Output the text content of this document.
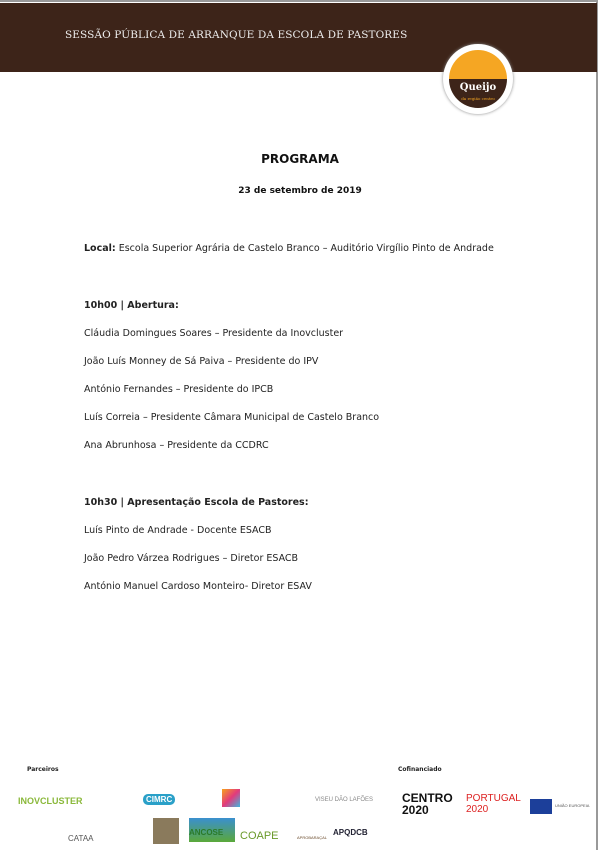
SESSÃO PÚBLICA DE ARRANQUE DA ESCOLA DE PASTORES
Queijo
da região centro
PROGRAMA
23 de setembro de 2019
Local: Escola Superior Agrária de Castelo Branco – Auditório Virgílio Pinto de Andrade
10h00 | Abertura:
Cláudia Domingues Soares – Presidente da Inovcluster
João Luís Monney de Sá Paiva – Presidente do IPV
António Fernandes – Presidente do IPCB
Luís Correia – Presidente Câmara Municipal de Castelo Branco
Ana Abrunhosa – Presidente da CCDRC
10h30 | Apresentação Escola de Pastores:
Luís Pinto de Andrade - Docente ESACB
João Pedro Várzea Rodrigues – Diretor ESACB
António Manuel Cardoso Monteiro- Diretor ESAV
Parceiros	Cofinanciado
INOVCLUSTER	CIMRC	VISEU DÃO LAFÕES
CATAA
ANCOSE	COAPE	APROBARAÇAL
APQDCB
CENTRO 2020
PORTUGAL 2020	UNIÃO EUROPEIA
